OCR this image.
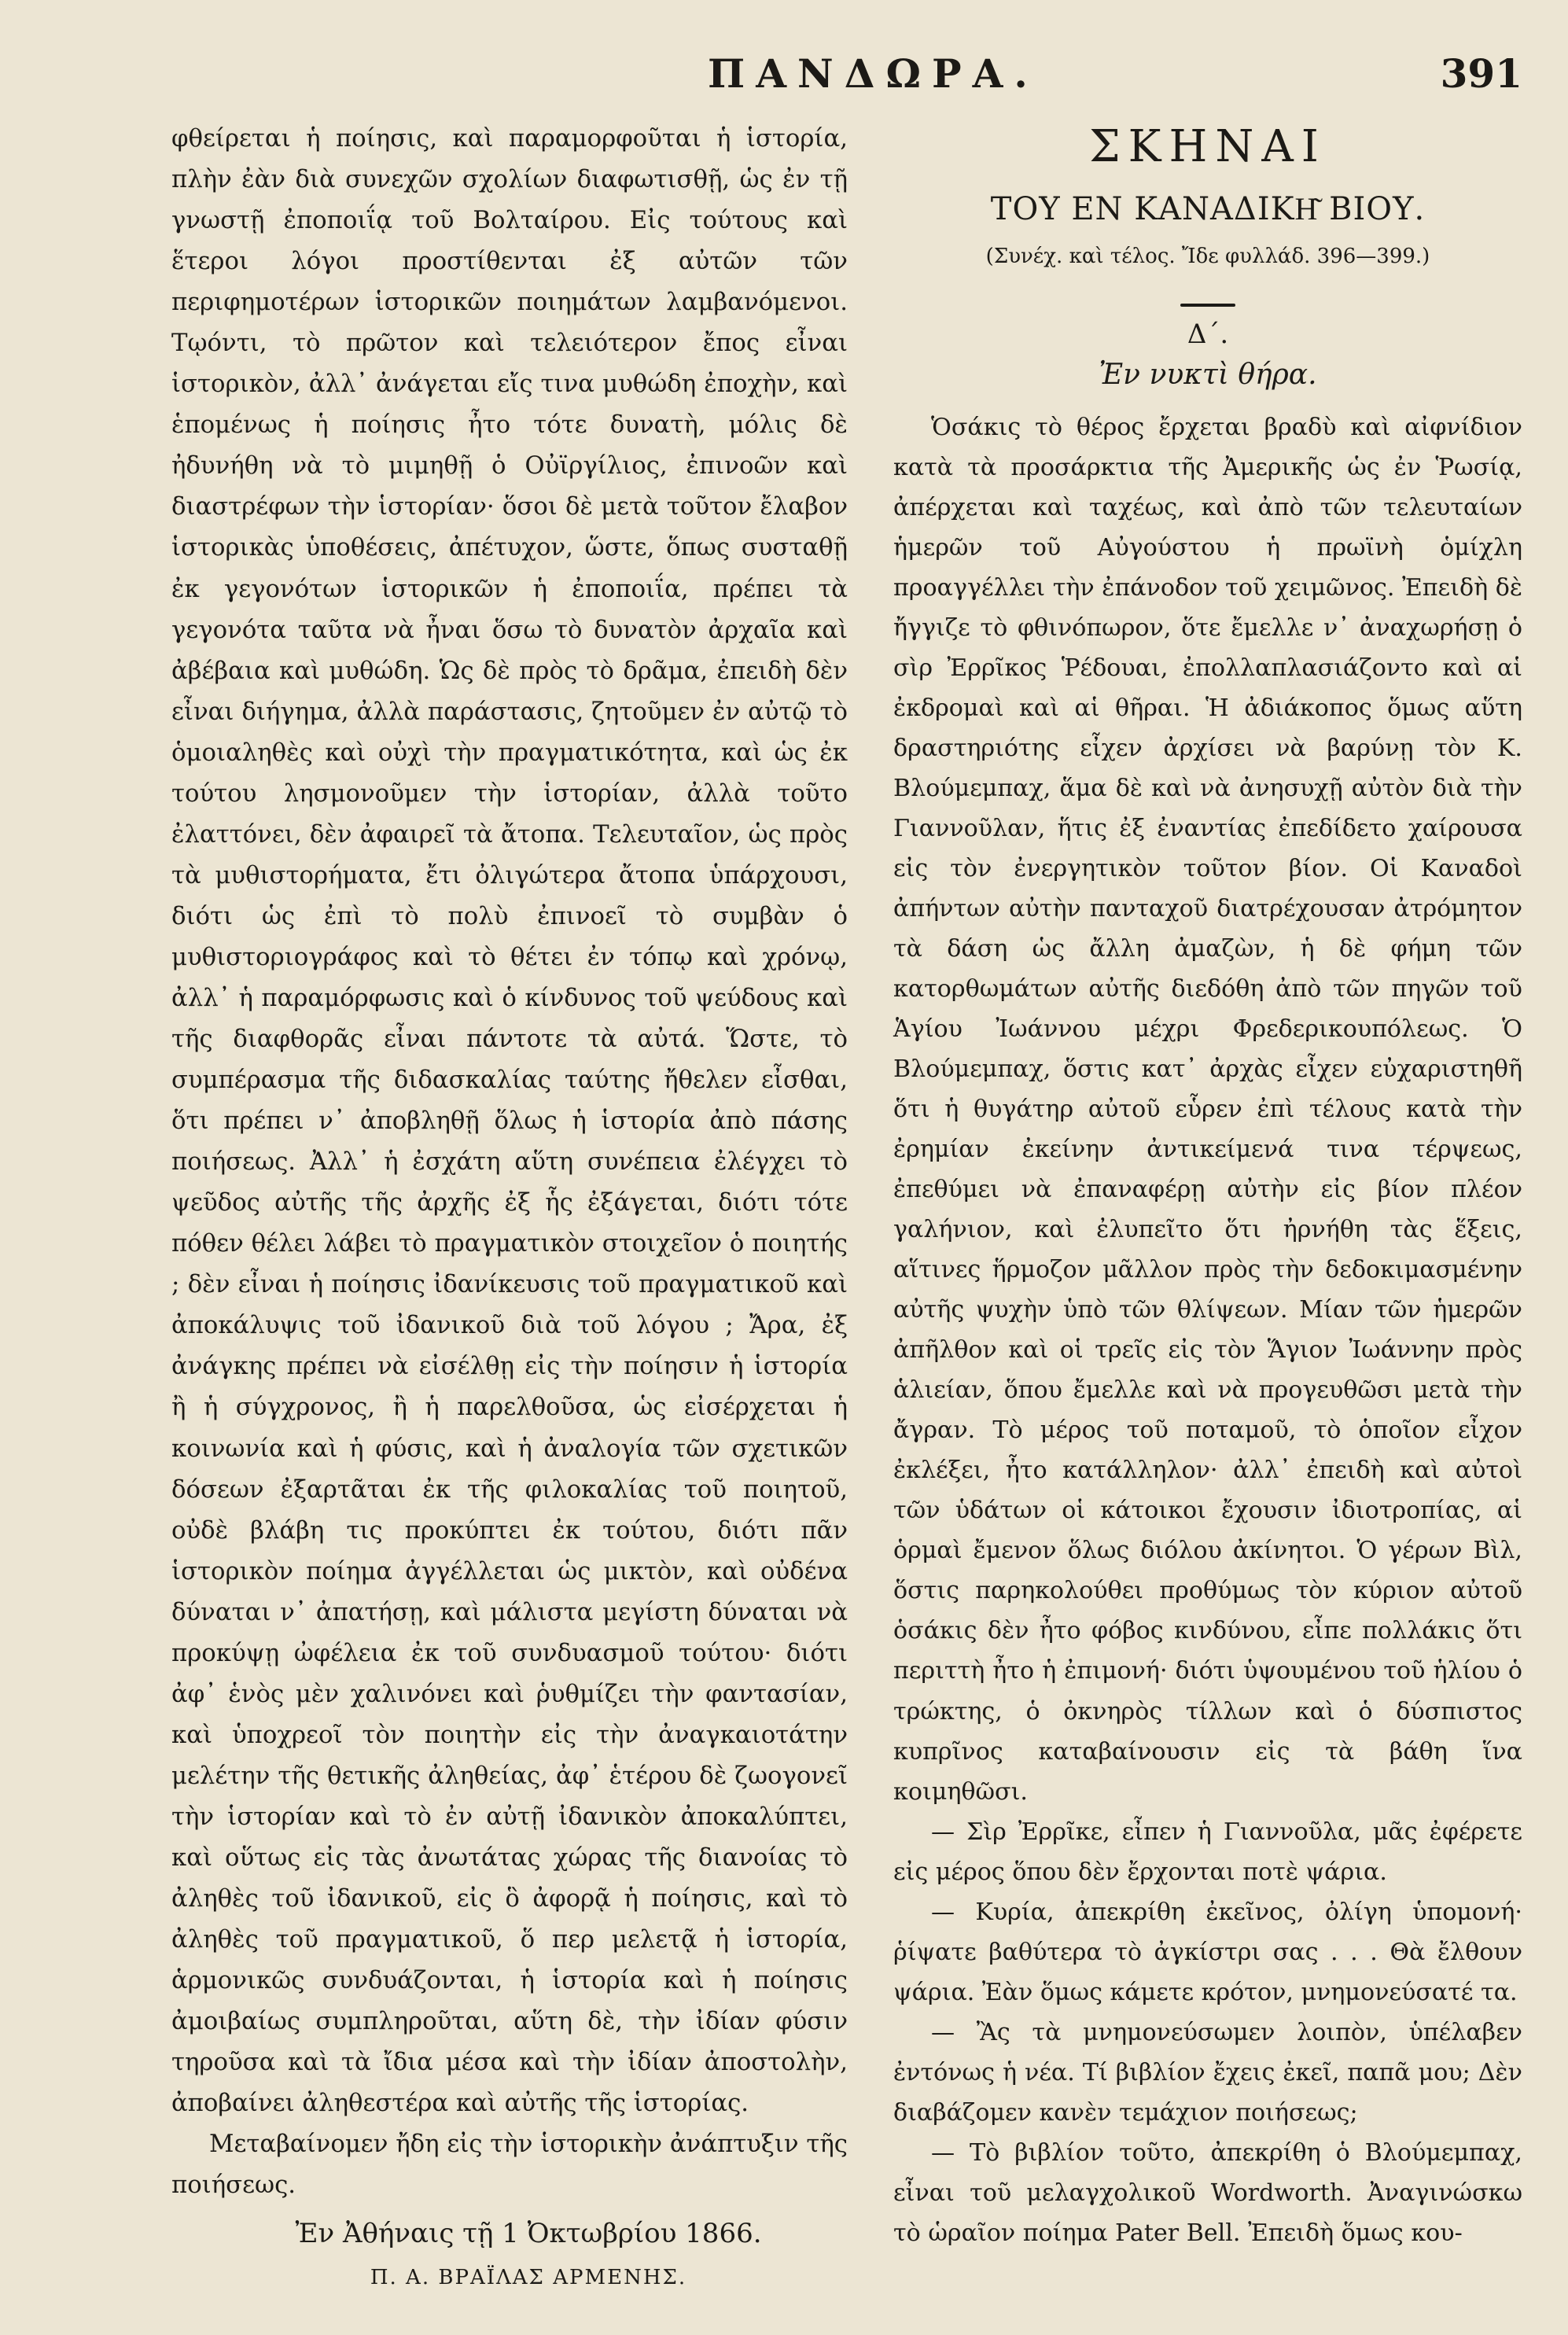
ΠΑΝΔΩΡΑ.	391

φθείρεται ἡ ποίησις, καὶ παραμορφοῦται ἡ ἱστορία, πλὴν ἐὰν διὰ συνεχῶν σχολίων διαφωτισθῇ, ὡς ἐν τῇ γνωστῇ ἐποποιΐᾳ τοῦ Βολταίρου. Εἰς τούτους καὶ ἕτεροι λόγοι προστίθενται ἐξ αὐτῶν τῶν περιφημοτέρων ἱστορικῶν ποιημάτων λαμβανόμενοι. Τῳόντι, τὸ πρῶτον καὶ τελειότερον ἔπος εἶναι ἱστορικὸν, ἀλλ᾽ ἀνάγεται εἴς τινα μυθώδη ἐποχὴν, καὶ ἑπομένως ἡ ποίησις ἦτο τότε δυνατὴ, μόλις δὲ ἠδυνήθη νὰ τὸ μιμηθῇ ὁ Οὐϊργίλιος, ἐπινοῶν καὶ διαστρέφων τὴν ἱστορίαν· ὅσοι δὲ μετὰ τοῦτον ἔλαβον ἱστορικὰς ὑποθέσεις, ἀπέτυχον, ὥστε, ὅπως συσταθῇ ἐκ γεγονότων ἱστορικῶν ἡ ἐποποιΐα, πρέπει τὰ γεγονότα ταῦτα νὰ ἦναι ὅσω τὸ δυνατὸν ἀρχαῖα καὶ ἀβέβαια καὶ μυθώδη. Ὡς δὲ πρὸς τὸ δρᾶμα, ἐπειδὴ δὲν εἶναι διήγημα, ἀλλὰ παράστασις, ζητοῦμεν ἐν αὐτῷ τὸ ὁμοιαληθὲς καὶ οὐχὶ τὴν πραγματικότητα, καὶ ὡς ἐκ τούτου λησμονοῦμεν τὴν ἱστορίαν, ἀλλὰ τοῦτο ἐλαττόνει, δὲν ἀφαιρεῖ τὰ ἄτοπα. Τελευταῖον, ὡς πρὸς τὰ μυθιστορήματα, ἔτι ὀλιγώτερα ἄτοπα ὑπάρχουσι, διότι ὡς ἐπὶ τὸ πολὺ ἐπινοεῖ τὸ συμβὰν ὁ μυθιστοριογράφος καὶ τὸ θέτει ἐν τόπῳ καὶ χρόνῳ, ἀλλ᾽ ἡ παραμόρφωσις καὶ ὁ κίνδυνος τοῦ ψεύδους καὶ τῆς διαφθορᾶς εἶναι πάντοτε τὰ αὐτά. Ὥστε, τὸ συμπέρασμα τῆς διδασκαλίας ταύτης ἤθελεν εἶσθαι, ὅτι πρέπει ν᾽ ἀποβληθῇ ὅλως ἡ ἱστορία ἀπὸ πάσης ποιήσεως. Ἀλλ᾽ ἡ ἐσχάτη αὕτη συνέπεια ἐλέγχει τὸ ψεῦδος αὐτῆς τῆς ἀρχῆς ἐξ ἧς ἐξάγεται, διότι τότε πόθεν θέλει λάβει τὸ πραγματικὸν στοιχεῖον ὁ ποιητής ; δὲν εἶναι ἡ ποίησις ἰδανίκευσις τοῦ πραγματικοῦ καὶ ἀποκάλυψις τοῦ ἰδανικοῦ διὰ τοῦ λόγου ; Ἄρα, ἐξ ἀνάγκης πρέπει νὰ εἰσέλθῃ εἰς τὴν ποίησιν ἡ ἱστορία ἢ ἡ σύγχρονος, ἢ ἡ παρελθοῦσα, ὡς εἰσέρχεται ἡ κοινωνία καὶ ἡ φύσις, καὶ ἡ ἀναλογία τῶν σχετικῶν δόσεων ἐξαρτᾶται ἐκ τῆς φιλοκαλίας τοῦ ποιητοῦ, οὐδὲ βλάβη τις προκύπτει ἐκ τούτου, διότι πᾶν ἱστορικὸν ποίημα ἀγγέλλεται ὡς μικτὸν, καὶ οὐδένα δύναται ν᾽ ἀπατήσῃ, καὶ μάλιστα μεγίστη δύναται νὰ προκύψῃ ὠφέλεια ἐκ τοῦ συνδυασμοῦ τούτου· διότι ἀφ᾽ ἑνὸς μὲν χαλινόνει καὶ ῥυθμίζει τὴν φαντασίαν, καὶ ὑποχρεοῖ τὸν ποιητὴν εἰς τὴν ἀναγκαιοτάτην μελέτην τῆς θετικῆς ἀληθείας, ἀφ᾽ ἑτέρου δὲ ζωογονεῖ τὴν ἱστορίαν καὶ τὸ ἐν αὐτῇ ἰδανικὸν ἀποκαλύπτει, καὶ οὕτως εἰς τὰς ἀνωτάτας χώρας τῆς διανοίας τὸ ἀληθὲς τοῦ ἰδανικοῦ, εἰς ὃ ἀφορᾷ ἡ ποίησις, καὶ τὸ ἀληθὲς τοῦ πραγματικοῦ, ὅ περ μελετᾷ ἡ ἱστορία, ἁρμονικῶς συνδυάζονται, ἡ ἱστορία καὶ ἡ ποίησις ἀμοιβαίως συμπληροῦται, αὕτη δὲ, τὴν ἰδίαν φύσιν τηροῦσα καὶ τὰ ἴδια μέσα καὶ τὴν ἰδίαν ἀποστολὴν, ἀποβαίνει ἀληθεστέρα καὶ αὐτῆς τῆς ἱστορίας.

Μεταβαίνομεν ἤδη εἰς τὴν ἱστορικὴν ἀνάπτυξιν τῆς ποιήσεως.

Ἐν Ἀθήναις τῇ 1 Ὀκτωβρίου 1866.

Π. Α. ΒΡΑΪΛΑΣ ΑΡΜΕΝΗΣ.

ΣΚΗΝΑΙ

ΤΟΥ ΕΝ ΚΑΝΑΔΙΚΗ͂ ΒΙΟΥ.

(Συνέχ. καὶ τέλος. Ἴδε φυλλάδ. 396—399.)

Δ΄.

Ἐν νυκτὶ θήρα.

Ὁσάκις τὸ θέρος ἔρχεται βραδὺ καὶ αἰφνίδιον κατὰ τὰ προσάρκτια τῆς Ἀμερικῆς ὡς ἐν Ῥωσίᾳ, ἀπέρχεται καὶ ταχέως, καὶ ἀπὸ τῶν τελευταίων ἡμερῶν τοῦ Αὐγούστου ἡ πρωϊνὴ ὁμίχλη προαγγέλλει τὴν ἐπάνοδον τοῦ χειμῶνος. Ἐπειδὴ δὲ ἤγγιζε τὸ φθινόπωρον, ὅτε ἔμελλε ν᾽ ἀναχωρήσῃ ὁ σὶρ Ἐρρῖκος Ῥέδουαι, ἐπολλαπλασιάζοντο καὶ αἱ ἐκδρομαὶ καὶ αἱ θῆραι. Ἡ ἀδιάκοπος ὅμως αὕτη δραστηριότης εἶχεν ἀρχίσει νὰ βαρύνῃ τὸν Κ. Βλούμεμπαχ, ἅμα δὲ καὶ νὰ ἀνησυχῇ αὐτὸν διὰ τὴν Γιαννοῦλαν, ἥτις ἐξ ἐναντίας ἐπεδίδετο χαίρουσα εἰς τὸν ἐνεργητικὸν τοῦτον βίον. Οἱ Καναδοὶ ἀπήντων αὐτὴν πανταχοῦ διατρέχουσαν ἀτρόμητον τὰ δάση ὡς ἄλλη ἀμαζὼν, ἡ δὲ φήμη τῶν κατορθωμάτων αὐτῆς διεδόθη ἀπὸ τῶν πηγῶν τοῦ Ἁγίου Ἰωάννου μέχρι Φρεδερικουπόλεως. Ὁ Βλούμεμπαχ, ὅστις κατ᾽ ἀρχὰς εἶχεν εὐχαριστηθῆ ὅτι ἡ θυγάτηρ αὐτοῦ εὗρεν ἐπὶ τέλους κατὰ τὴν ἐρημίαν ἐκείνην ἀντικείμενά τινα τέρψεως, ἐπεθύμει νὰ ἐπαναφέρῃ αὐτὴν εἰς βίον πλέον γαλήνιον, καὶ ἐλυπεῖτο ὅτι ἠρνήθη τὰς ἕξεις, αἵτινες ἥρμοζον μᾶλλον πρὸς τὴν δεδοκιμασμένην αὐτῆς ψυχὴν ὑπὸ τῶν θλίψεων. Μίαν τῶν ἡμερῶν ἀπῆλθον καὶ οἱ τρεῖς εἰς τὸν Ἅγιον Ἰωάννην πρὸς ἁλιείαν, ὅπου ἔμελλε καὶ νὰ προγευθῶσι μετὰ τὴν ἄγραν. Τὸ μέρος τοῦ ποταμοῦ, τὸ ὁποῖον εἶχον ἐκλέξει, ἦτο κατάλληλον· ἀλλ᾽ ἐπειδὴ καὶ αὐτοὶ τῶν ὑδάτων οἱ κάτοικοι ἔχουσιν ἰδιοτροπίας, αἱ ὁρμαὶ ἔμενον ὅλως διόλου ἀκίνητοι. Ὁ γέρων Βὶλ, ὅστις παρηκολούθει προθύμως τὸν κύριον αὐτοῦ ὁσάκις δὲν ἦτο φόβος κινδύνου, εἶπε πολλάκις ὅτι περιττὴ ἦτο ἡ ἐπιμονή· διότι ὑψουμένου τοῦ ἡλίου ὁ τρώκτης, ὁ ὀκνηρὸς τίλλων καὶ ὁ δύσπιστος κυπρῖνος καταβαίνουσιν εἰς τὰ βάθη ἵνα κοιμηθῶσι.

— Σὶρ Ἐρρῖκε, εἶπεν ἡ Γιαννοῦλα, μᾶς ἐφέρετε εἰς μέρος ὅπου δὲν ἔρχονται ποτὲ ψάρια.

— Κυρία, ἀπεκρίθη ἐκεῖνος, ὀλίγη ὑπομονή· ῥίψατε βαθύτερα τὸ ἀγκίστρι σας . . . Θὰ ἔλθουν ψάρια. Ἐὰν ὅμως κάμετε κρότον, μνημονεύσατέ τα.

— Ἂς τὰ μνημονεύσωμεν λοιπὸν, ὑπέλαβεν ἐντόνως ἡ νέα. Τί βιβλίον ἔχεις ἐκεῖ, παπᾶ μου; Δὲν διαβάζομεν κανὲν τεμάχιον ποιήσεως;

— Τὸ βιβλίον τοῦτο, ἀπεκρίθη ὁ Βλούμεμπαχ, εἶναι τοῦ μελαγχολικοῦ Wordworth. Ἀναγινώσκω τὸ ὡραῖον ποίημα Pater Bell. Ἐπειδὴ ὅμως κου-
